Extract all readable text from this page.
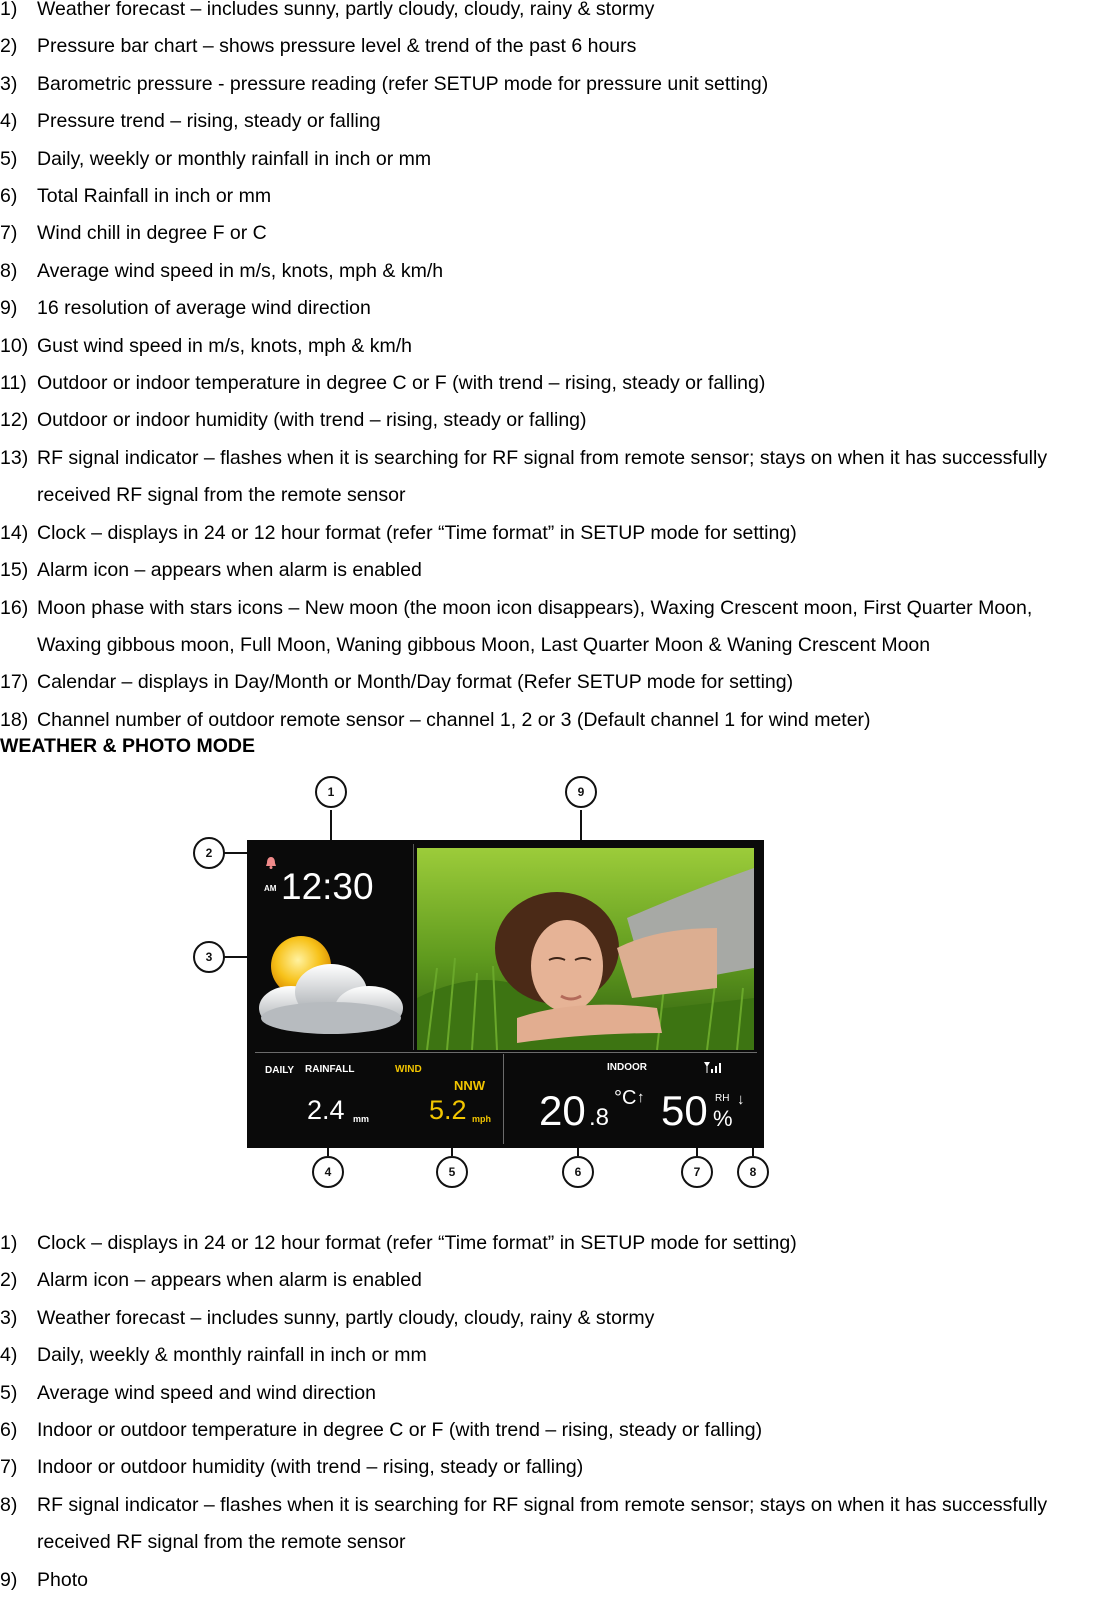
1) Weather forecast – includes sunny, partly cloudy, cloudy, rainy & stormy
2) Pressure bar chart – shows pressure level & trend of the past 6 hours
3) Barometric pressure - pressure reading (refer SETUP mode for pressure unit setting)
4) Pressure trend – rising, steady or falling
5) Daily, weekly or monthly rainfall in inch or mm
6) Total Rainfall in inch or mm
7) Wind chill in degree F or C
8) Average wind speed in m/s, knots, mph & km/h
9) 16 resolution of average wind direction
10) Gust wind speed in m/s, knots, mph & km/h
11) Outdoor or indoor temperature in degree C or F (with trend – rising, steady or falling)
12) Outdoor or indoor humidity (with trend – rising, steady or falling)
13) RF signal indicator – flashes when it is searching for RF signal from remote sensor; stays on when it has successfully
received RF signal from the remote sensor
14) Clock – displays in 24 or 12 hour format (refer “Time format” in SETUP mode for setting)
15) Alarm icon – appears when alarm is enabled
16) Moon phase with stars icons – New moon (the moon icon disappears), Waxing Crescent moon, First Quarter Moon,
Waxing gibbous moon, Full Moon, Waning gibbous Moon, Last Quarter Moon & Waning Crescent Moon
17) Calendar – displays in Day/Month or Month/Day format (Refer SETUP mode for setting)
18) Channel number of outdoor remote sensor – channel 1, 2 or 3 (Default channel 1 for wind meter)
WEATHER & PHOTO MODE
AM 12:30
DAILY RAINFALL	WIND
NNW
2.4 mm 5.2 mph
INDOOR
20 .8
°C ↑ 50 RH
%
↓
1
2
3
4	5	6	7	8
9
1) Clock – displays in 24 or 12 hour format (refer “Time format” in SETUP mode for setting)
2) Alarm icon – appears when alarm is enabled
3) Weather forecast – includes sunny, partly cloudy, cloudy, rainy & stormy
4) Daily, weekly & monthly rainfall in inch or mm
5) Average wind speed and wind direction
6) Indoor or outdoor temperature in degree C or F (with trend – rising, steady or falling)
7) Indoor or outdoor humidity (with trend – rising, steady or falling)
8) RF signal indicator – flashes when it is searching for RF signal from remote sensor; stays on when it has successfully
received RF signal from the remote sensor
9) Photo
